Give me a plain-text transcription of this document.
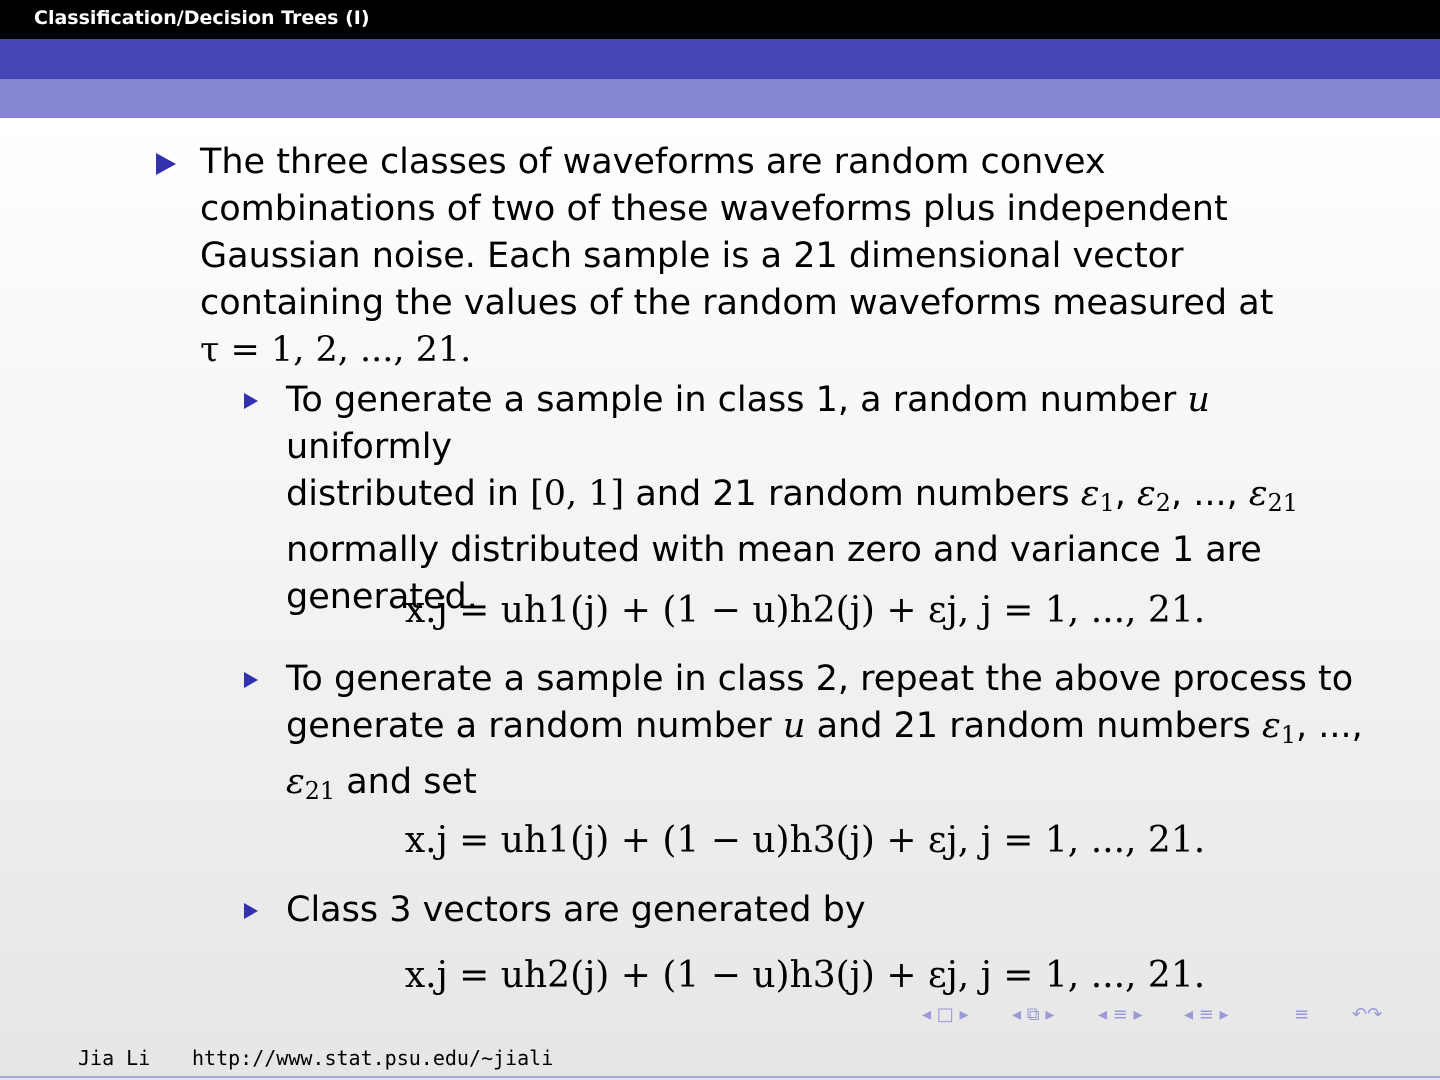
Classification/Decision Trees (I)
The three classes of waveforms are random convex
combinations of two of these waveforms plus independent
Gaussian noise. Each sample is a 21 dimensional vector
containing the values of the random waveforms measured at
τ = 1, 2, ..., 21.
To generate a sample in class 1, a random number u uniformly
distributed in [0, 1] and 21 random numbers $\varepsilon_1$, $\varepsilon_2$, ..., $\varepsilon_{21}$
normally distributed with mean zero and variance 1 are
generated.
x.j = uh1(j) + (1 − u)h2(j) + εj, j = 1, ..., 21.
To generate a sample in class 2, repeat the above process to
generate a random number u and 21 random numbers $\varepsilon_1$, ...,
$\varepsilon_{21}$ and set
x.j = uh1(j) + (1 − u)h3(j) + εj, j = 1, ..., 21.
Class 3 vectors are generated by
x.j = uh2(j) + (1 − u)h3(j) + εj, j = 1, ..., 21.
◂ □ ▸ ◂ ⧉ ▸ ◂ ≡ ▸ ◂ ≡ ▸	≡ ↶↷
Jia Li http://www.stat.psu.edu/∼jiali
